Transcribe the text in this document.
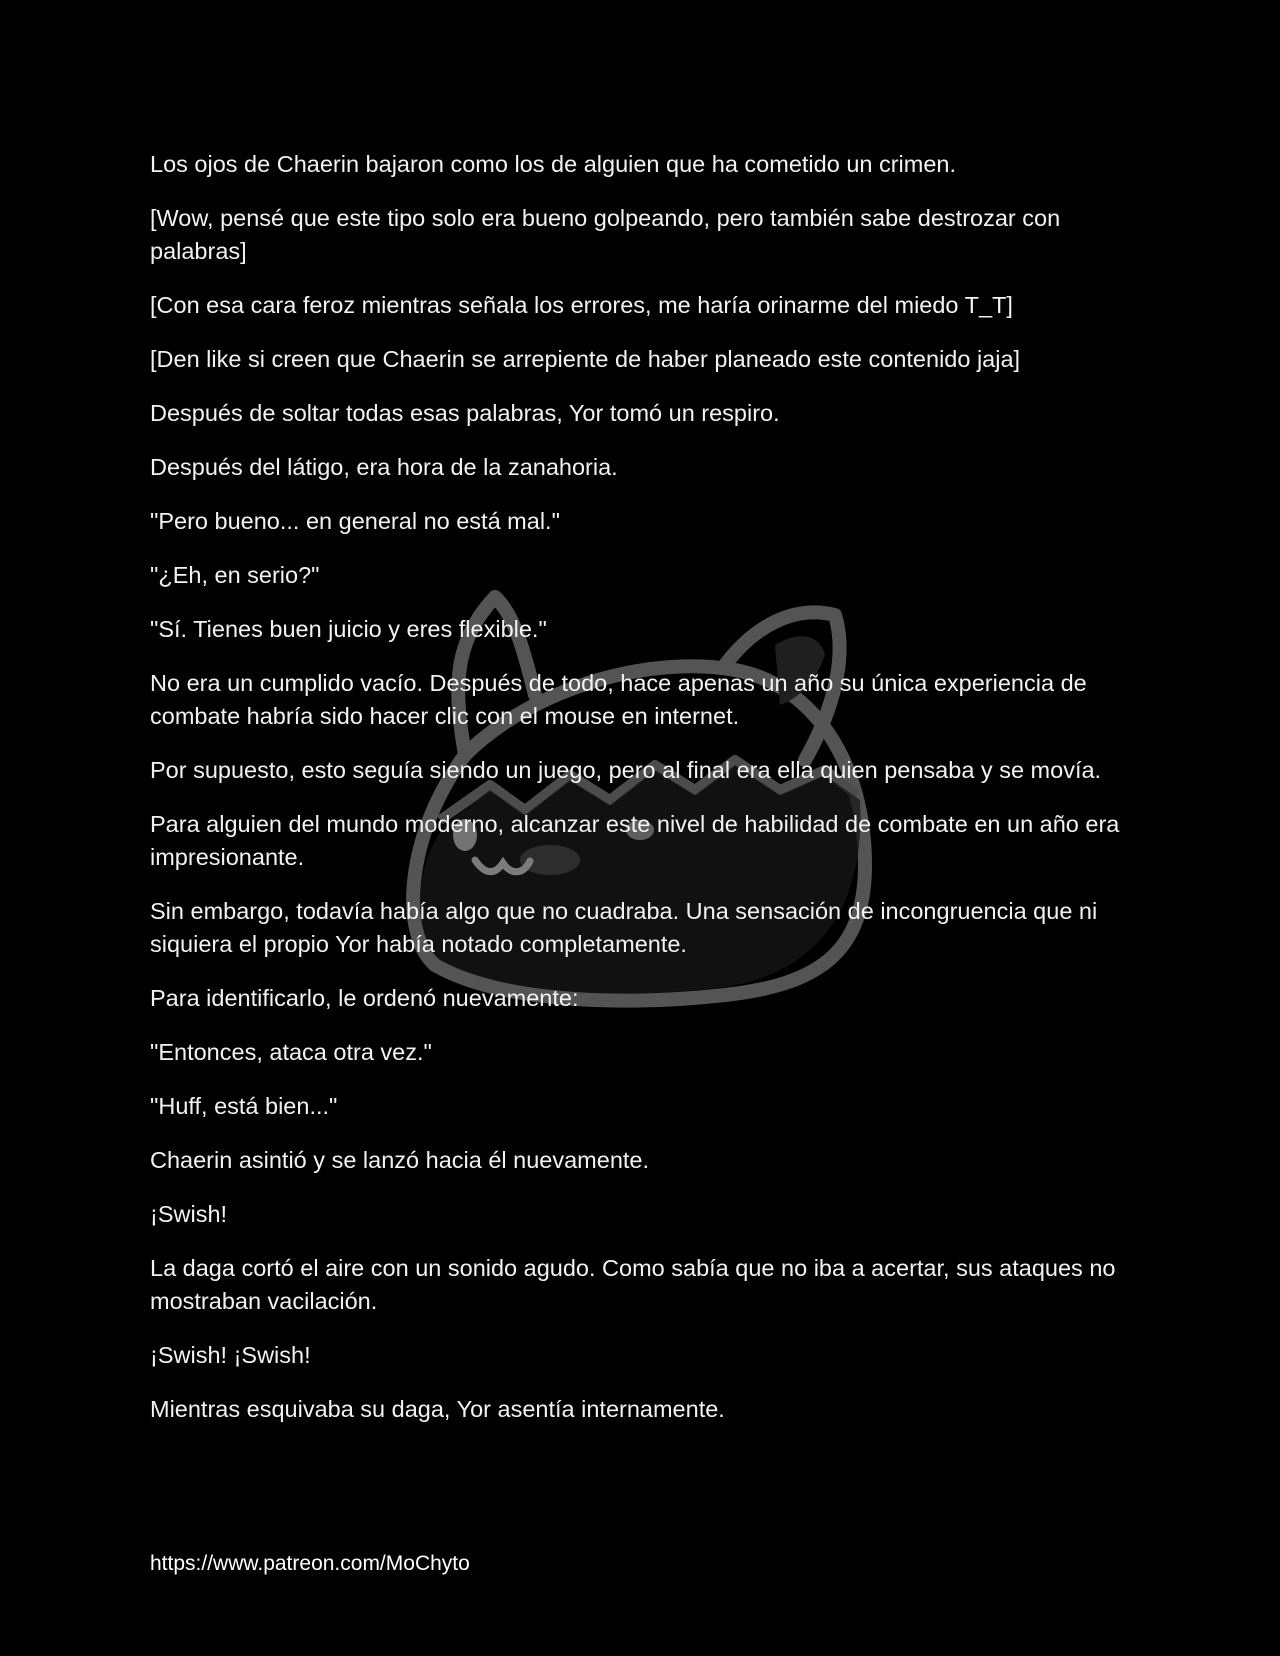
Los ojos de Chaerin bajaron como los de alguien que ha cometido un crimen.

[Wow, pensé que este tipo solo era bueno golpeando, pero también sabe destrozar con palabras]

[Con esa cara feroz mientras señala los errores, me haría orinarme del miedo T_T]

[Den like si creen que Chaerin se arrepiente de haber planeado este contenido jaja]

Después de soltar todas esas palabras, Yor tomó un respiro.

Después del látigo, era hora de la zanahoria.

"Pero bueno... en general no está mal."

"¿Eh, en serio?"

"Sí. Tienes buen juicio y eres flexible."

No era un cumplido vacío. Después de todo, hace apenas un año su única experiencia de combate habría sido hacer clic con el mouse en internet.

Por supuesto, esto seguía siendo un juego, pero al final era ella quien pensaba y se movía.

Para alguien del mundo moderno, alcanzar este nivel de habilidad de combate en un año era impresionante.

Sin embargo, todavía había algo que no cuadraba. Una sensación de incongruencia que ni siquiera el propio Yor había notado completamente.

Para identificarlo, le ordenó nuevamente:

"Entonces, ataca otra vez."

"Huff, está bien..."

Chaerin asintió y se lanzó hacia él nuevamente.

¡Swish!

La daga cortó el aire con un sonido agudo. Como sabía que no iba a acertar, sus ataques no mostraban vacilación.

¡Swish! ¡Swish!

Mientras esquivaba su daga, Yor asentía internamente.

https://www.patreon.com/MoChyto
